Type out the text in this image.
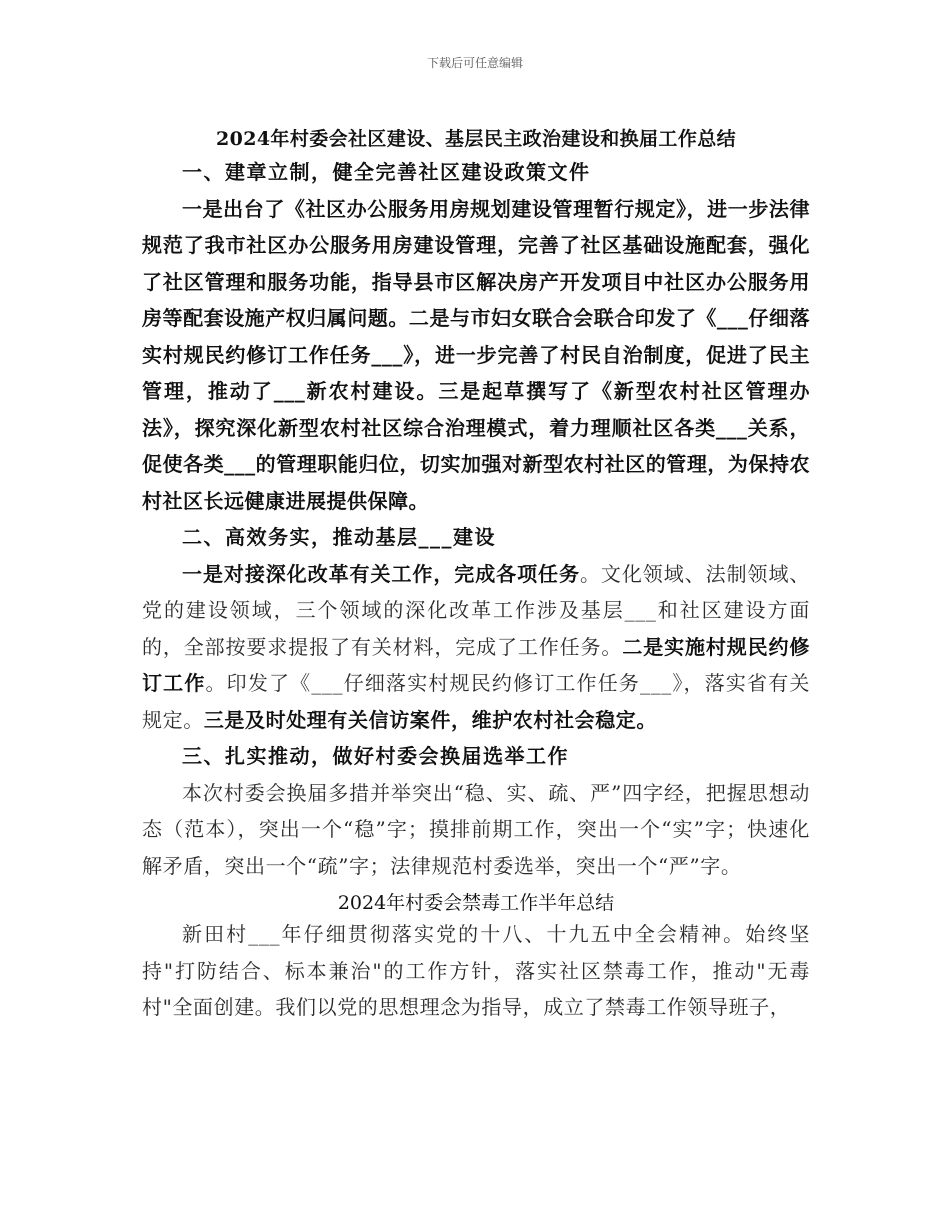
下载后可任意编辑
2024年村委会社区建设、基层民主政治建设和换届工作总结
一、建章立制，健全完善社区建设政策文件

一是出台了《社区办公服务用房规划建设管理暂行规定》，进一步法律规范了我市社区办公服务用房建设管理，完善了社区基础设施配套，强化了社区管理和服务功能，指导县市区解决房产开发项目中社区办公服务用房等配套设施产权归属问题。二是与市妇女联合会联合印发了《___仔细落实村规民约修订工作任务___》，进一步完善了村民自治制度，促进了民主管理，推动了___新农村建设。三是起草撰写了《新型农村社区管理办法》，探究深化新型农村社区综合治理模式，着力理顺社区各类___关系，促使各类___的管理职能归位，切实加强对新型农村社区的管理，为保持农村社区长远健康进展提供保障。

二、高效务实，推动基层___建设

一是对接深化改革有关工作，完成各项任务。文化领域、法制领域、党的建设领域，三个领域的深化改革工作涉及基层___和社区建设方面的，全部按要求提报了有关材料，完成了工作任务。二是实施村规民约修订工作。印发了《___仔细落实村规民约修订工作任务___》，落实省有关规定。三是及时处理有关信访案件，维护农村社会稳定。

三、扎实推动，做好村委会换届选举工作

本次村委会换届多措并举突出“稳、实、疏、严”四字经，把握思想动态（范本），突出一个“稳”字；摸排前期工作，突出一个“实”字；快速化解矛盾，突出一个“疏”字；法律规范村委选举，突出一个“严”字。

2024年村委会禁毒工作半年总结

新田村___年仔细贯彻落实党的十八、十九五中全会精神。始终坚持"打防结合、标本兼治"的工作方针，落实社区禁毒工作，推动"无毒村"全面创建。我们以党的思想理念为指导，成立了禁毒工作领导班子，
